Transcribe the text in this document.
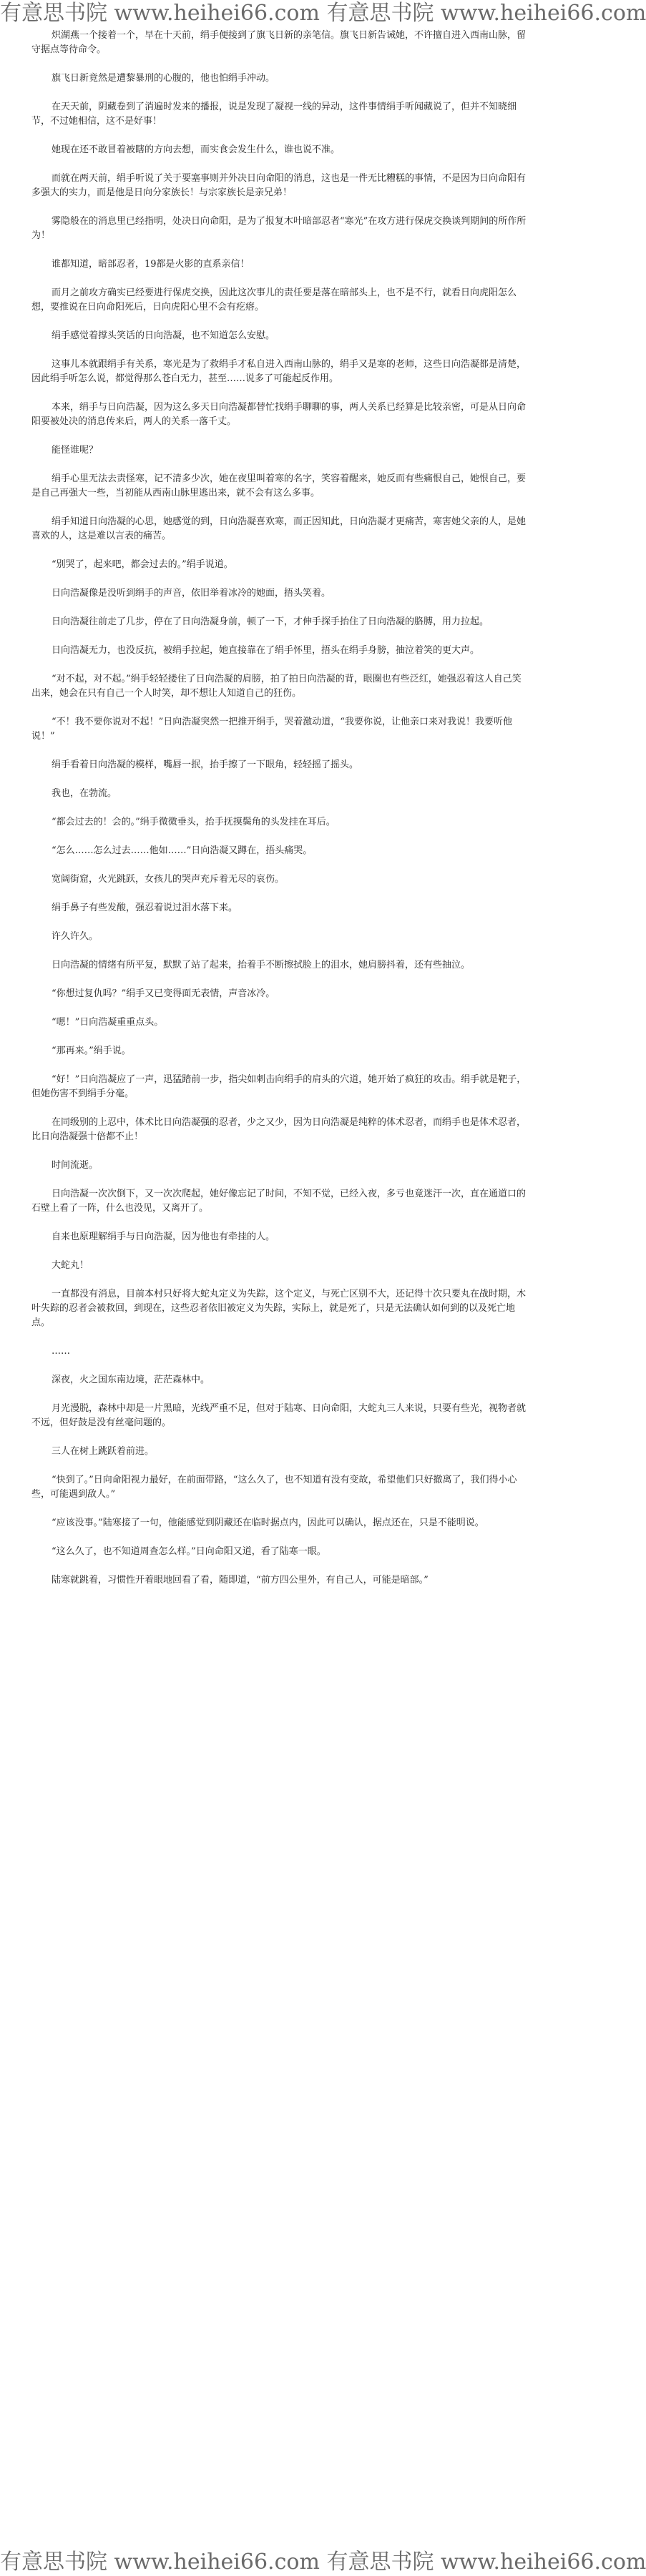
有意思书院 www.heihei66.com 有意思书院 www.heihei66.com

炽湖燕一个接着一个，早在十天前，绢手便接到了旗飞日新的亲笔信。旗飞日新告诫她，不许擅自进入西南山脉，留守据点等待命令。

旗飞日新竟然是遭黎暴刑的心腹的，他也怕绢手冲动。

在天天前，阴藏卷到了消遍时发来的播报，说是发现了凝视一线的异动，这件事情绢手听闻藏说了，但并不知晓细节，不过她相信，这不是好事！

她现在还不敢冒着被瞎的方向去想，而实食会发生什么，谁也说不准。

而就在两天前，绢手听说了关于要塞事则并外决日向命阳的消息，这也是一件无比糟糕的事情，不是因为日向命阳有多强大的实力，而是他是日向分家族长！与宗家族长是亲兄弟！

雾隐般在的消息里已经指明，处决日向命阳，是为了报复木叶暗部忍者“寒光”在攻方进行保虎交换谈判期间的所作所为！

谁都知道，暗部忍者，19都是火影的直系亲信！

而月之前攻方确实已经要进行保虎交换，因此这次事儿的责任要是落在暗部头上，也不是不行，就看日向虎阳怎么想，要推说在日向命阳死后，日向虎阳心里不会有疙瘩。

绢手感觉着撑头笑话的日向浩凝，也不知道怎么安慰。

这事儿本就跟绢手有关系，寒光是为了救绢手才私自进入西南山脉的，绢手又是寒的老师，这些日向浩凝都是清楚，因此绢手听怎么说，都觉得那么苍白无力，甚至……说多了可能起反作用。

本来，绢手与日向浩凝，因为这么多天日向浩凝都替忙找绢手聊聊的事，两人关系已经算是比较亲密，可是从日向命阳要被处决的消息传来后，两人的关系一落千丈。

能怪谁呢？

绢手心里无法去责怪寒，记不清多少次，她在夜里叫着寒的名字，笑容着醒来，她反而有些痛恨自己，她恨自己，要是自己再强大一些，当初能从西南山脉里逃出来，就不会有这么多事。

绢手知道日向浩凝的心思，她感觉的到，日向浩凝喜欢寒，而正因知此，日向浩凝才更痛苦，寒害她父亲的人，是她喜欢的人，这是难以言表的痛苦。

“别哭了，起来吧，都会过去的。”绢手说道。

日向浩凝像是没听到绢手的声音，依旧举着冰冷的她面，捂头笑着。

日向浩凝往前走了几步，停在了日向浩凝身前，顿了一下，才伸手探手抬住了日向浩凝的胳膊，用力拉起。

日向浩凝无力，也没反抗，被绢手拉起，她直接靠在了绢手怀里，捂头在绢手身膀，抽泣着笑的更大声。

“对不起，对不起。”绢手轻轻搂住了日向浩凝的肩膀，拍了拍日向浩凝的背，眼圈也有些泛红，她强忍着这人自己笑出来，她会在只有自己一个人时笑，却不想让人知道自己的狂伤。

“不！我不要你说对不起！”日向浩凝突然一把推开绢手，哭着激动道，“我要你说，让他亲口来对我说！我要听他说！”

绢手看着日向浩凝的模样，嘴唇一抿，抬手擦了一下眼角，轻轻摇了摇头。

我也，在勃流。

“都会过去的！会的。”绢手微微垂头，抬手抚摸鬓角的头发挂在耳后。

“怎么……怎么过去……他如……”日向浩凝又蹲在，捂头痛哭。

宽阔街窟，火光跳跃，女孩儿的哭声充斥着无尽的哀伤。

绢手鼻子有些发酸，强忍着说过泪水落下来。

许久许久。

日向浩凝的情绪有所平复，默默了站了起来，抬着手不断擦拭脸上的泪水，她肩膀抖着，还有些抽泣。

“你想过复仇吗？”绢手又已变得面无表情，声音冰冷。

“嗯！”日向浩凝重重点头。

“那再来。”绢手说。

“好！”日向浩凝应了一声，迅猛踏前一步，指尖如刺击向绢手的肩头的穴道，她开始了疯狂的攻击。绢手就是靶子，但她伤害不到绢手分毫。

在同级别的上忍中，体术比日向浩凝强的忍者，少之又少，因为日向浩凝是纯粹的体术忍者，而绢手也是体术忍者，比日向浩凝强十倍都不止！

时间流逝。

日向浩凝一次次倒下，又一次次爬起，她好像忘记了时间，不知不觉，已经入夜，多亏也竟迷汗一次，直在通道口的石壁上看了一阵，什么也没见，又离开了。

自来也原理解绢手与日向浩凝，因为他也有牵挂的人。

大蛇丸！

一直都没有消息，目前本村只好将大蛇丸定义为失踪，这个定义，与死亡区别不大，还记得十次只要丸在战时期，木叶失踪的忍者会被救回，到现在，这些忍者依旧被定义为失踪，实际上，就是死了，只是无法确认如何到的以及死亡地点。

……

深夜，火之国东南边境，茫茫森林中。

月光漫脱，森林中却是一片黑暗，光线严重不足，但对于陆寒、日向命阳，大蛇丸三人来说，只要有些光，视物者就不远，但好鼓是没有丝毫问题的。

三人在树上跳跃着前进。

“快到了。”日向命阳视力最好，在前面带路，“这么久了，也不知道有没有变故，希望他们只好撤离了，我们得小心些，可能遇到敌人。”

“应该没事。”陆寒接了一句，他能感觉到阴藏还在临时据点内，因此可以确认，据点还在，只是不能明说。

“这么久了，也不知道周查怎么样。”日向命阳又道，看了陆寒一眼。

陆寒就跳着，习惯性开着眼地回看了看，随即道，“前方四公里外，有自己人，可能是暗部。”

有意思书院 www.heihei66.com 有意思书院 www.heihei66.com
